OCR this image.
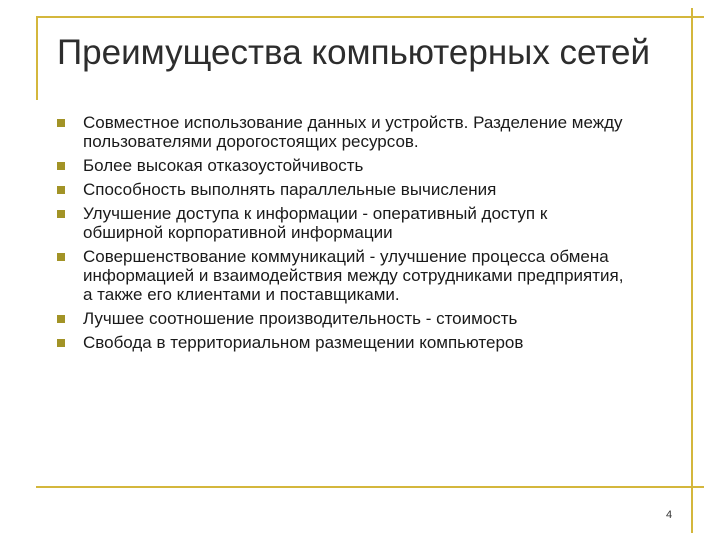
Преимущества компьютерных сетей
Совместное использование данных и устройств. Разделение между пользователями дорогостоящих ресурсов.
Более высокая отказоустойчивость
Способность выполнять параллельные вычисления
Улучшение доступа к информации - оперативный доступ к обширной корпоративной информации
Совершенствование коммуникаций - улучшение процесса обмена информацией и взаимодействия между сотрудниками предприятия, а также его клиентами и поставщиками.
Лучшее соотношение производительность - стоимость
Свобода в территориальном размещении компьютеров
4
